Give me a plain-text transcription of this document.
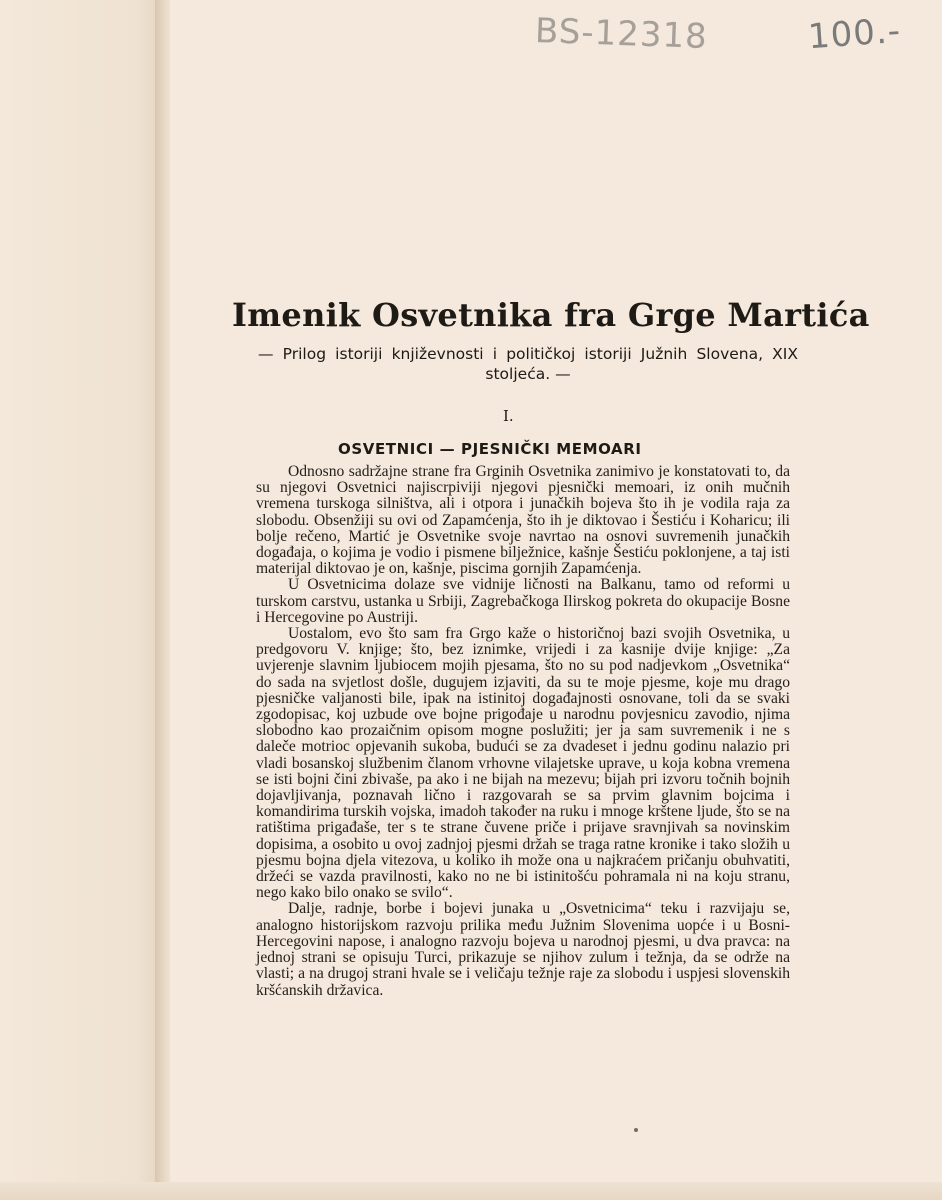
BS-12318	100.-
Imenik Osvetnika fra Grge Martića

— Prilog istoriji književnosti i političkoj istoriji Južnih Slovena, XIX stoljeća. —

I.
OSVETNICI — PJESNIČKI MEMOARI

Odnosno sadržajne strane fra Grginih Osvetnika zanimivo je konstatovati to, da su njegovi Osvetnici najiscrpiviji njegovi pjesnički memoari, iz onih mučnih vremena turskoga silništva, ali i otpora i junačkih bojeva što ih je vodila raja za slobodu. Obsenžiji su ovi od Zapamćenja, što ih je diktovao i Šestiću i Koharicu; ili bolje rečeno, Martić je Osvetnike svoje navrtao na osnovi suvremenih junačkih događaja, o kojima je vodio i pismene bilježnice, kašnje Šestiću poklonjene, a taj isti materijal diktovao je on, kašnje, piscima gornjih Zapamćenja.

U Osvetnicima dolaze sve vidnije ličnosti na Balkanu, tamo od reformi u turskom carstvu, ustanka u Srbiji, Zagrebačkoga Ilirskog pokreta do okupacije Bosne i Hercegovine po Austriji.

Uostalom, evo što sam fra Grgo kaže o historičnoj bazi svojih Osvetnika, u predgovoru V. knjige; što, bez iznimke, vrijedi i za kasnije dvije knjige: „Za uvjerenje slavnim ljubiocem mojih pjesama, što no su pod nadjevkom „Osvetnika“ do sada na svjetlost došle, dugujem izjaviti, da su te moje pjesme, koje mu drago pjesničke valjanosti bile, ipak na istinitoj događajnosti osnovane, toli da se svaki zgodopisac, koj uzbude ove bojne prigođaje u narodnu povjesnicu zavodio, njima slobodno kao prozaičnim opisom mogne poslužiti; jer ja sam suvremenik i ne s daleče motrioc opjevanih sukoba, budući se za dvadeset i jednu godinu nalazio pri vladi bosanskoj službenim članom vrhovne vilajetske uprave, u koja kobna vremena se isti bojni čini zbivaše, pa ako i ne bijah na mezevu; bijah pri izvoru točnih bojnih dojavljivanja, poznavah lično i razgovarah se sa prvim glavnim bojcima i komandirima turskih vojska, imadoh također na ruku i mnoge krštene ljude, što se na ratištima prigađaše, ter s te strane čuvene priče i prijave sravnjivah sa novinskim dopisima, a osobito u ovoj zadnjoj pjesmi držah se traga ratne kronike i tako složih u pjesmu bojna djela vitezova, u koliko ih može ona u najkraćem pričanju obuhvatiti, držeći se vazda pravilnosti, kako no ne bi istinitošću pohramala ni na koju stranu, nego kako bilo onako se svilo“.

Dalje, radnje, borbe i bojevi junaka u „Osvetnicima“ teku i razvijaju se, analogno historijskom razvoju prilika među Južnim Slovenima uopće i u Bosni-Hercegovini napose, i analogno razvoju bojeva u narodnoj pjesmi, u dva pravca: na jednoj strani se opisuju Turci, prikazuje se njihov zulum i težnja, da se održe na vlasti; a na drugoj strani hvale se i veličaju težnje raje za slobodu i uspjesi slovenskih kršćanskih državica.
